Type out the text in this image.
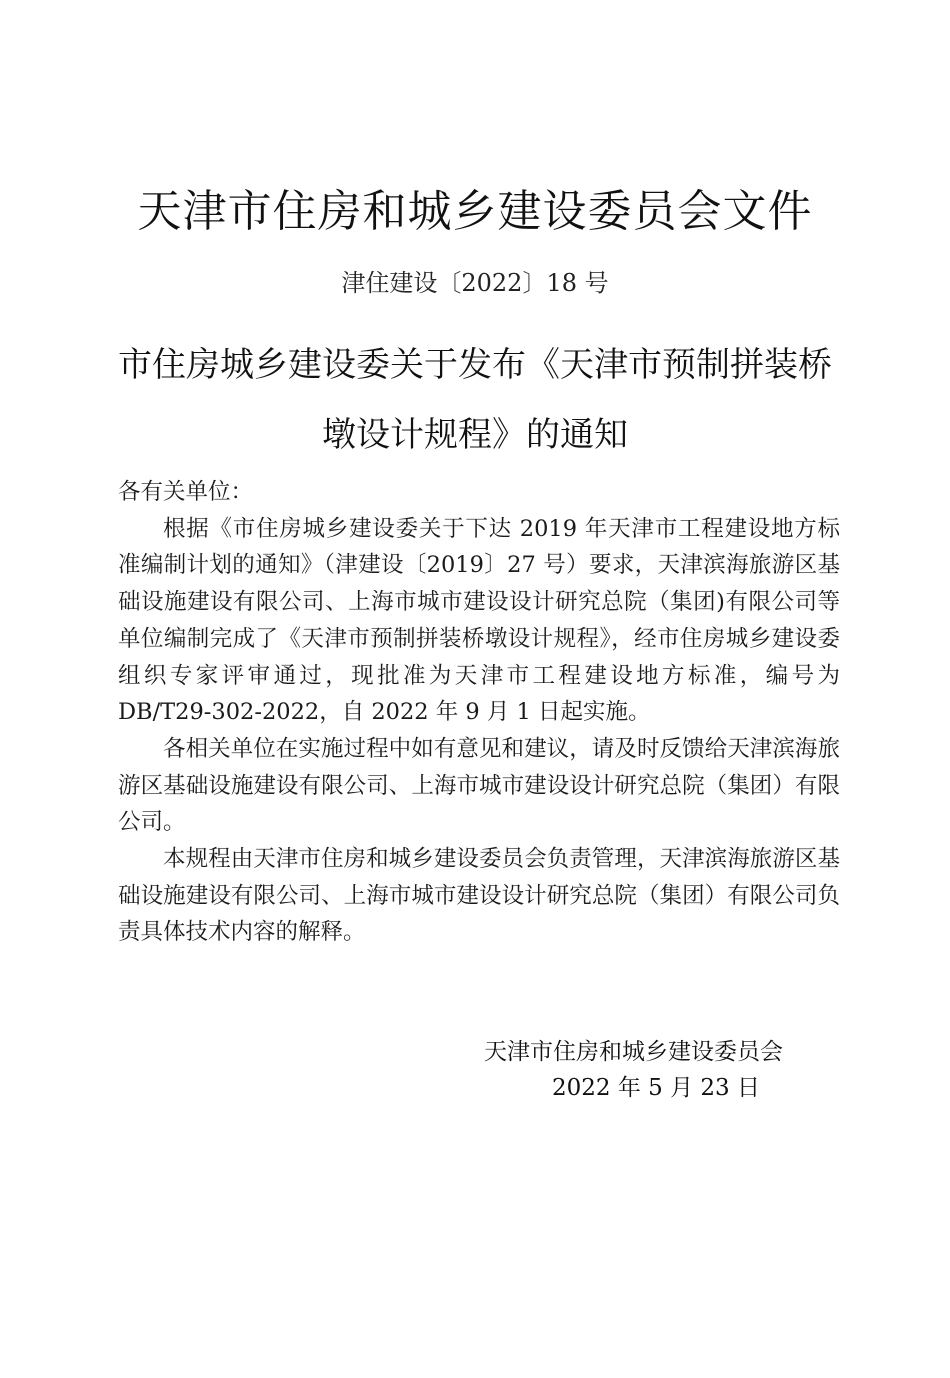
天津市住房和城乡建设委员会文件
津住建设〔2022〕18 号
市住房城乡建设委关于发布《天津市预制拼装桥
墩设计规程》的通知

各有关单位：

根据《市住房城乡建设委关于下达 2019 年天津市工程建设地方标准编制计划的通知》（津建设〔2019〕27 号）要求，天津滨海旅游区基础设施建设有限公司、上海市城市建设设计研究总院（集团)有限公司等单位编制完成了《天津市预制拼装桥墩设计规程》，经市住房城乡建设委组织专家评审通过，现批准为天津市工程建设地方标准，编号为 DB/T29-302-2022，自 2022 年 9 月 1 日起实施。

各相关单位在实施过程中如有意见和建议，请及时反馈给天津滨海旅游区基础设施建设有限公司、上海市城市建设设计研究总院（集团）有限公司。

本规程由天津市住房和城乡建设委员会负责管理，天津滨海旅游区基础设施建设有限公司、上海市城市建设设计研究总院（集团）有限公司负责具体技术内容的解释。

天津市住房和城乡建设委员会
2022 年 5 月 23 日
